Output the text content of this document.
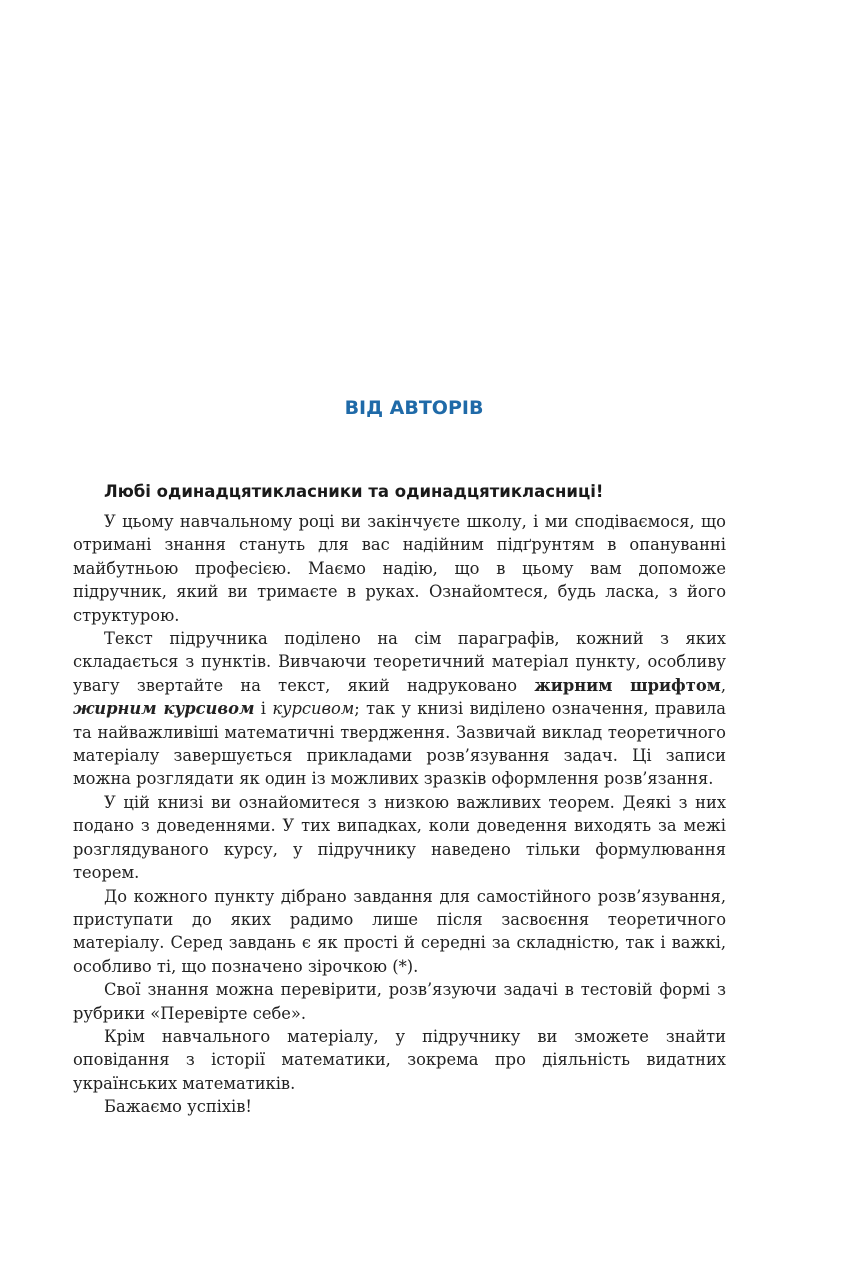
ВІД АВТОРІВ
Любі одинадцятикласники та одинадцятикласниці!

У цьому навчальному році ви закінчуєте школу, і ми сподіваємося, що отримані знання стануть для вас надійним підґрунтям в опануванні майбутньою професією. Маємо надію, що в цьому вам допоможе підручник, який ви тримаєте в руках. Ознайомтеся, будь ласка, з його структурою.

Текст підручника поділено на сім параграфів, кожний з яких складається з пунктів. Вивчаючи теоретичний матеріал пункту, особливу увагу звертайте на текст, який надруковано жирним шрифтом, жирним курсивом і курсивом; так у книзі виділено означення, правила та найважливіші математичні твердження. Зазвичай виклад теоретичного матеріалу завершується прикладами розв’язування задач. Ці записи можна розглядати як один із можливих зразків оформлення розв’язання.

У цій книзі ви ознайомитеся з низкою важливих теорем. Деякі з них подано з доведеннями. У тих випадках, коли доведення виходять за межі розглядуваного курсу, у підручнику наведено тільки формулювання теорем.

До кожного пункту дібрано завдання для самостійного розв’язування, приступати до яких радимо лише після засвоєння теоретичного матеріалу. Серед завдань є як прості й середні за складністю, так і важкі, особливо ті, що позначено зірочкою (*).

Свої знання можна перевірити, розв’язуючи задачі в тестовій формі з рубрики «Перевірте себе».

Крім навчального матеріалу, у підручнику ви зможете знайти оповідання з історії математики, зокрема про діяльність видатних українських математиків.

Бажаємо успіхів!
